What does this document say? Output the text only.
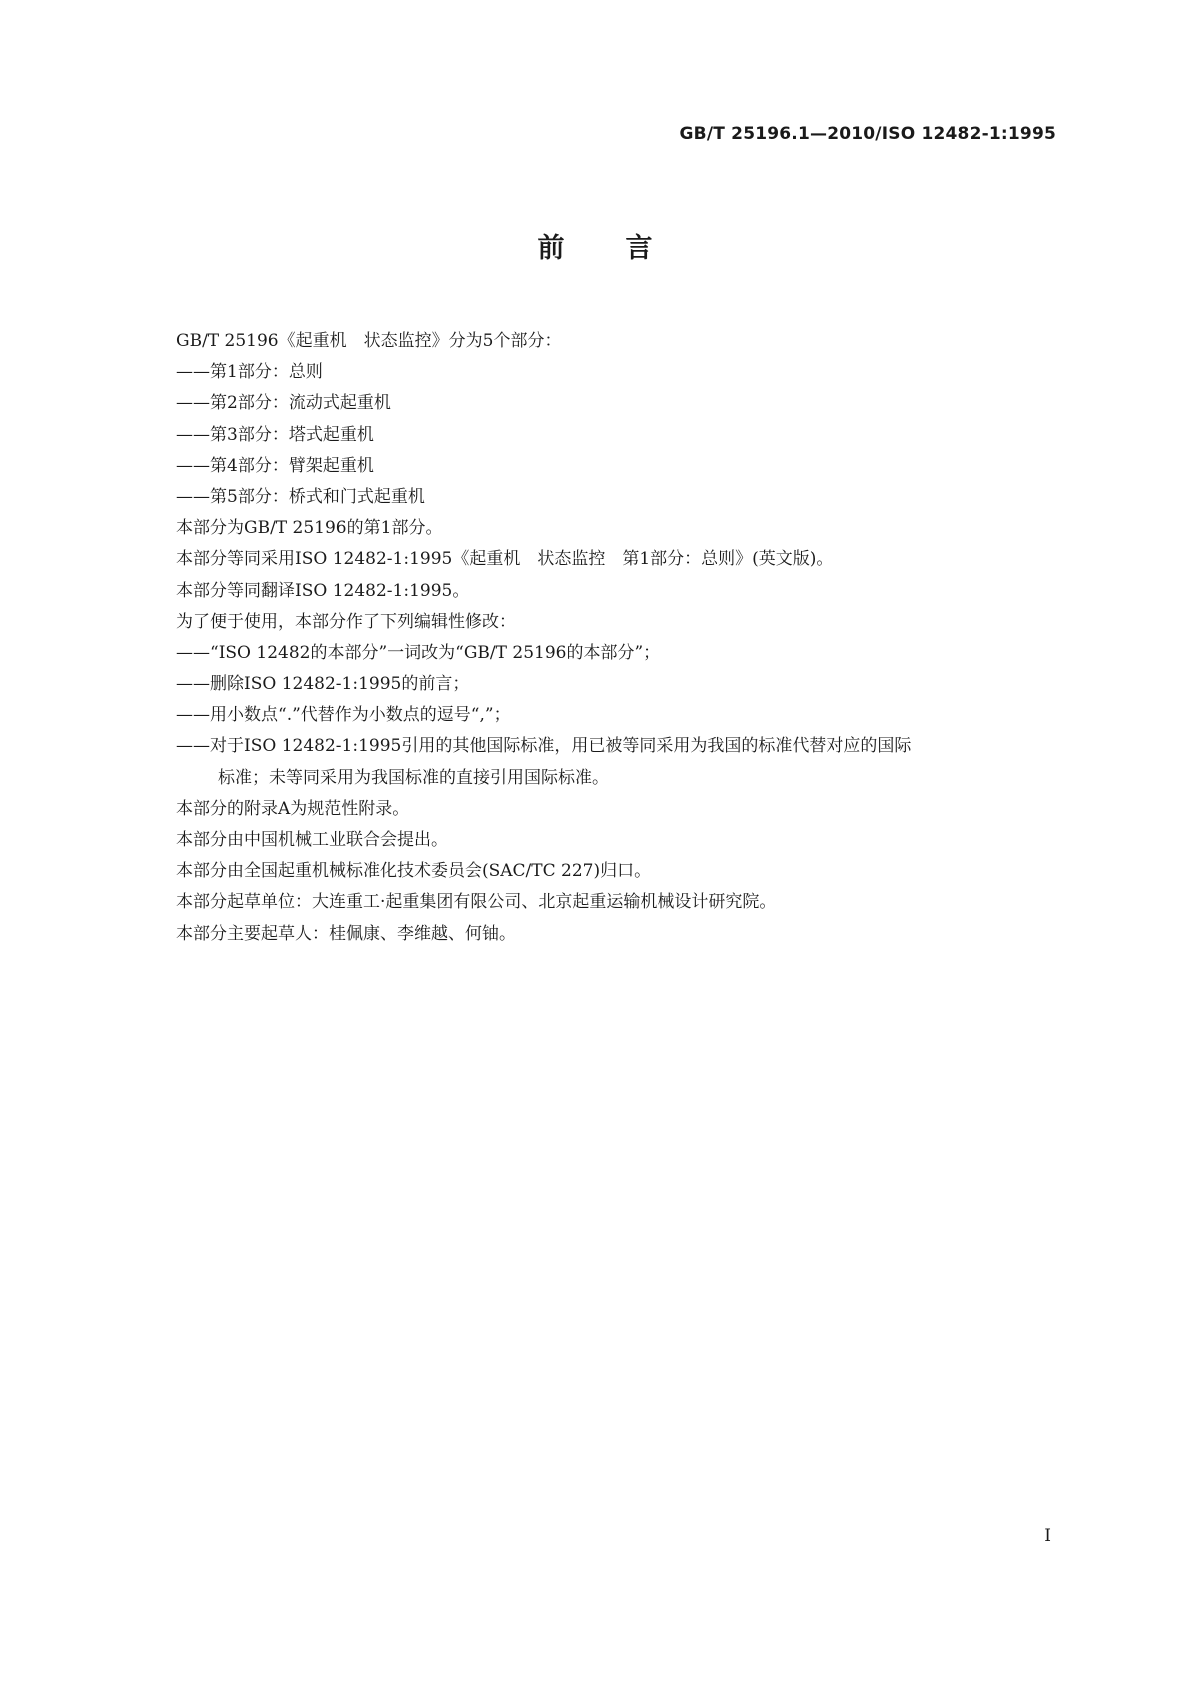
GB/T 25196.1—2010/ISO 12482-1:1995
前 言
GB/T 25196《起重机　状态监控》分为5个部分：
——第1部分：总则
——第2部分：流动式起重机
——第3部分：塔式起重机
——第4部分：臂架起重机
——第5部分：桥式和门式起重机
本部分为GB/T 25196的第1部分。
本部分等同采用ISO 12482-1:1995《起重机　状态监控　第1部分：总则》(英文版)。
本部分等同翻译ISO 12482-1:1995。
为了便于使用，本部分作了下列编辑性修改：
——“ISO 12482的本部分”一词改为“GB/T 25196的本部分”；
——删除ISO 12482-1:1995的前言；
——用小数点“.”代替作为小数点的逗号“,”；
——对于ISO 12482-1:1995引用的其他国际标准，用已被等同采用为我国的标准代替对应的国际
标准；未等同采用为我国标准的直接引用国际标准。
本部分的附录A为规范性附录。
本部分由中国机械工业联合会提出。
本部分由全国起重机械标准化技术委员会(SAC/TC 227)归口。
本部分起草单位：大连重工·起重集团有限公司、北京起重运输机械设计研究院。
本部分主要起草人：桂佩康、李维越、何铀。
I
